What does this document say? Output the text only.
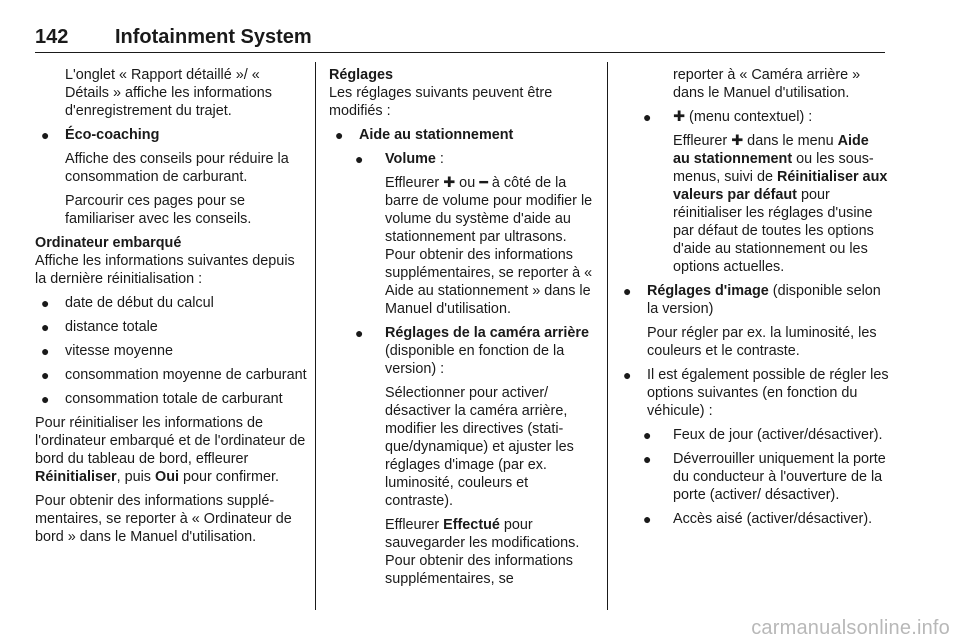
142 Infotainment System

L'onglet « Rapport détaillé »/ « Détails » affiche les informations d'enregistrement du trajet.

● Éco-coaching

Affiche des conseils pour réduire la consommation de carburant.

Parcourir ces pages pour se familiariser avec les conseils.

Ordinateur embarqué

Affiche les informations suivantes depuis la dernière réinitialisation :

● date de début du calcul

● distance totale

● vitesse moyenne

● consommation moyenne de carburant

● consommation totale de carburant

Pour réinitialiser les informations de l'ordinateur embarqué et de l'ordinateur de bord du tableau de bord, effleurer Réinitialiser, puis Oui pour confirmer.

Pour obtenir des informations supplémentaires, se reporter à « Ordinateur de bord » dans le Manuel d'utilisation.

Réglages

Les réglages suivants peuvent être modifiés :

● Aide au stationnement

● Volume :

Effleurer ✚ ou ━ à côté de la barre de volume pour modifier le volume du système d'aide au stationnement par ultrasons. Pour obtenir des informations supplémentaires, se reporter à « Aide au stationnement » dans le Manuel d'utilisation.

● Réglages de la caméra arrière (disponible en fonction de la version) :

Sélectionner pour activer/ désactiver la caméra arrière, modifier les directives (statique/dynamique) et ajuster les réglages d'image (par ex. luminosité, couleurs et contraste).

Effleurer Effectué pour sauvegarder les modifications. Pour obtenir des informations supplémentaires, se

reporter à « Caméra arrière » dans le Manuel d'utilisation.

● ✚ (menu contextuel) :

Effleurer ✚ dans le menu Aide au stationnement ou les sous-menus, suivi de Réinitialiser aux valeurs par défaut pour réinitialiser les réglages d'usine par défaut de toutes les options d'aide au stationnement ou les options actuelles.

● Réglages d'image (disponible selon la version)

Pour régler par ex. la luminosité, les couleurs et le contraste.

● Il est également possible de régler les options suivantes (en fonction du véhicule) :

● Feux de jour (activer/désactiver).

● Déverrouiller uniquement la porte du conducteur à l'ouverture de la porte (activer/ désactiver).

● Accès aisé (activer/désactiver).

carmanualsonline.info
